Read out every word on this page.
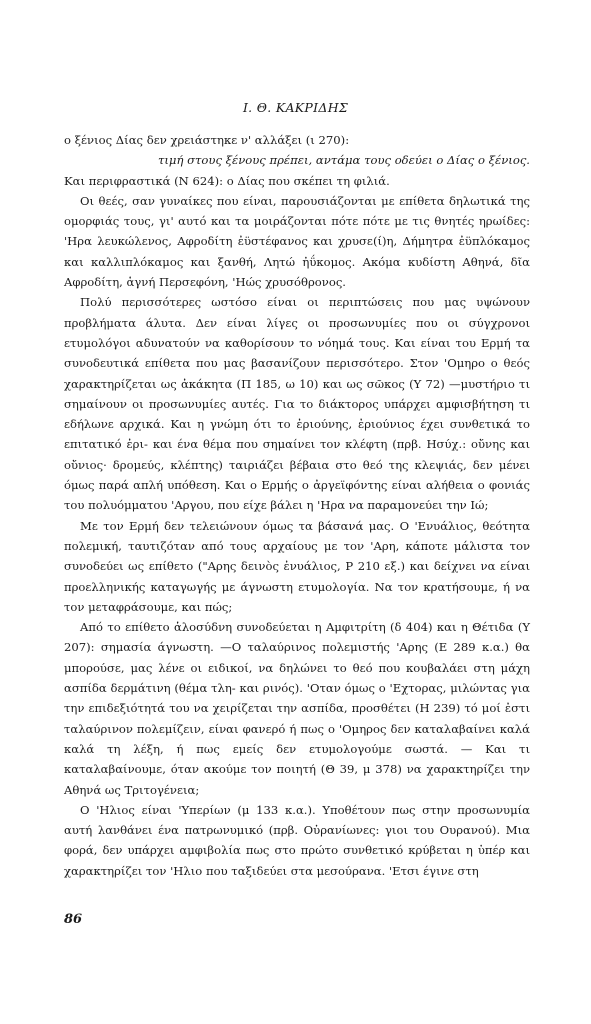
Ι. Θ. ΚΑΚΡΙΔΗΣ

ο ξένιος Δίας δεν χρειάστηκε ν' αλλάξει (ι 270):

τιμή στους ξένους πρέπει, αντάμα τους οδεύει ο Δίας ο ξένιος.

Και περιφραστικά (Ν 624): ο Δίας που σκέπει τη φιλιά.

Οι θεές, σαν γυναίκες που είναι, παρουσιάζονται με επίθετα δηλωτικά της ομορφιάς τους, γι' αυτό και τα μοιράζονται πότε πότε με τις θνητές ηρωίδες: 'Ηρα λευκώλενος, Αφροδίτη ἐϋστέφανος και χρυσε(ί)η, Δήμητρα ἐϋπλόκαμος και καλλιπλόκαμος και ξανθή, Λητώ ἠΰκομος. Ακόμα κυδίστη Αθηνά, δῖα Αφροδίτη, ἁγνή Περσεφόνη, 'Ηώς χρυσόθρονος.

Πολύ περισσότερες ωστόσο είναι οι περιπτώσεις που μας υψώνουν προβλήματα άλυτα. Δεν είναι λίγες οι προσωνυμίες που οι σύγχρονοι ετυμολόγοι αδυνατούν να καθορίσουν το νόημά τους. Και είναι του Ερμή τα συνοδευτικά επίθετα που μας βασανίζουν περισσότερο. Στον 'Ομηρο ο θεός χαρακτηρίζεται ως ἀκάκητα (Π 185, ω 10) και ως σῶκος (Υ 72) —μυστήριο τι σημαίνουν οι προσωνυμίες αυτές. Για το διάκτορος υπάρχει αμφισβήτηση τι εδήλωνε αρχικά. Και η γνώμη ότι το ἐριούνης, ἐριούνιος έχει συνθετικά το επιτατικό ἐρι- και ένα θέμα που σημαίνει τον κλέφτη (πρβ. Ησύχ.: οὔνης και οὔνιος· δρομεύς, κλέπτης) ταιριάζει βέβαια στο θεό της κλεψιάς, δεν μένει όμως παρά απλή υπόθεση. Και ο Ερμής ο ἀργεϊφόντης είναι αλήθεια ο φονιάς του πολυόμματου 'Αργου, που είχε βάλει η 'Ηρα να παραμονεύει την Ιώ;

Με τον Ερμή δεν τελειώνουν όμως τα βάσανά μας. Ο 'Ενυάλιος, θεότητα πολεμική, ταυτιζόταν από τους αρχαίους με τον 'Αρη, κάποτε μάλιστα τον συνοδεύει ως επίθετο ("Αρης δεινὸς ἐνυάλιος, Ρ 210 εξ.) και δείχνει να είναι προελληνικής καταγωγής με άγνωστη ετυμολογία. Να τον κρατήσουμε, ή να τον μεταφράσουμε, και πώς;

Από το επίθετο ἁλοσύδνη συνοδεύεται η Αμφιτρίτη (δ 404) και η Θέτιδα (Υ 207): σημασία άγνωστη. —Ο ταλαύρινος πολεμιστής 'Αρης (Ε 289 κ.α.) θα μπορούσε, μας λένε οι ειδικοί, να δηλώνει το θεό που κουβαλάει στη μάχη ασπίδα δερμάτινη (θέμα τλη- και ρινός). 'Οταν όμως ο 'Εχτορας, μιλώντας για την επιδεξιότητά του να χειρίζεται την ασπίδα, προσθέτει (Η 239) τό μοί ἐστι ταλαύρινον πολεμίζειν, είναι φανερό ή πως ο 'Ομηρος δεν καταλαβαίνει καλά καλά τη λέξη, ή πως εμείς δεν ετυμολογούμε σωστά. — Και τι καταλαβαίνουμε, όταν ακούμε τον ποιητή (Θ 39, μ 378) να χαρακτηρίζει την Αθηνά ως Τριτογένεια;

Ο 'Ηλιος είναι 'Υπερίων (μ 133 κ.α.). Υποθέτουν πως στην προσωνυμία αυτή λανθάνει ένα πατρωνυμικό (πρβ. Οὐρανίωνες: γιοι του Ουρανού). Μια φορά, δεν υπάρχει αμφιβολία πως στο πρώτο συνθετικό κρύβεται η ὑπέρ και χαρακτηρίζει τον 'Ηλιο που ταξιδεύει στα μεσούρανα. 'Ετσι έγινε στη

86
